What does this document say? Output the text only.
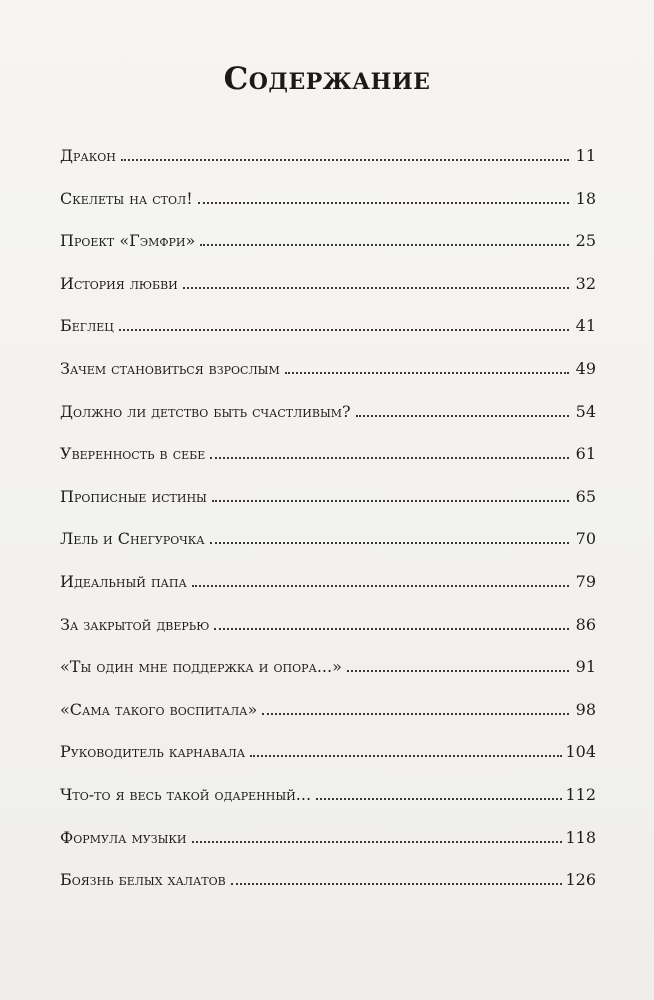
Содержание
Дракон	11
Скелеты на стол!	18
Проект «Гэмфри»	25
История любви	32
Беглец	41
Зачем становиться взрослым	49
Должно ли детство быть счастливым?	54
Уверенность в себе	61
Прописные истины	65
Лель и Снегурочка	70
Идеальный папа	79
За закрытой дверью	86
«Ты один мне поддержка и опора...»	91
«Сама такого воспитала»	98
Руководитель карнавала	104
Что-то я весь такой одаренный...	112
Формула музыки	118
Боязнь белых халатов	126
